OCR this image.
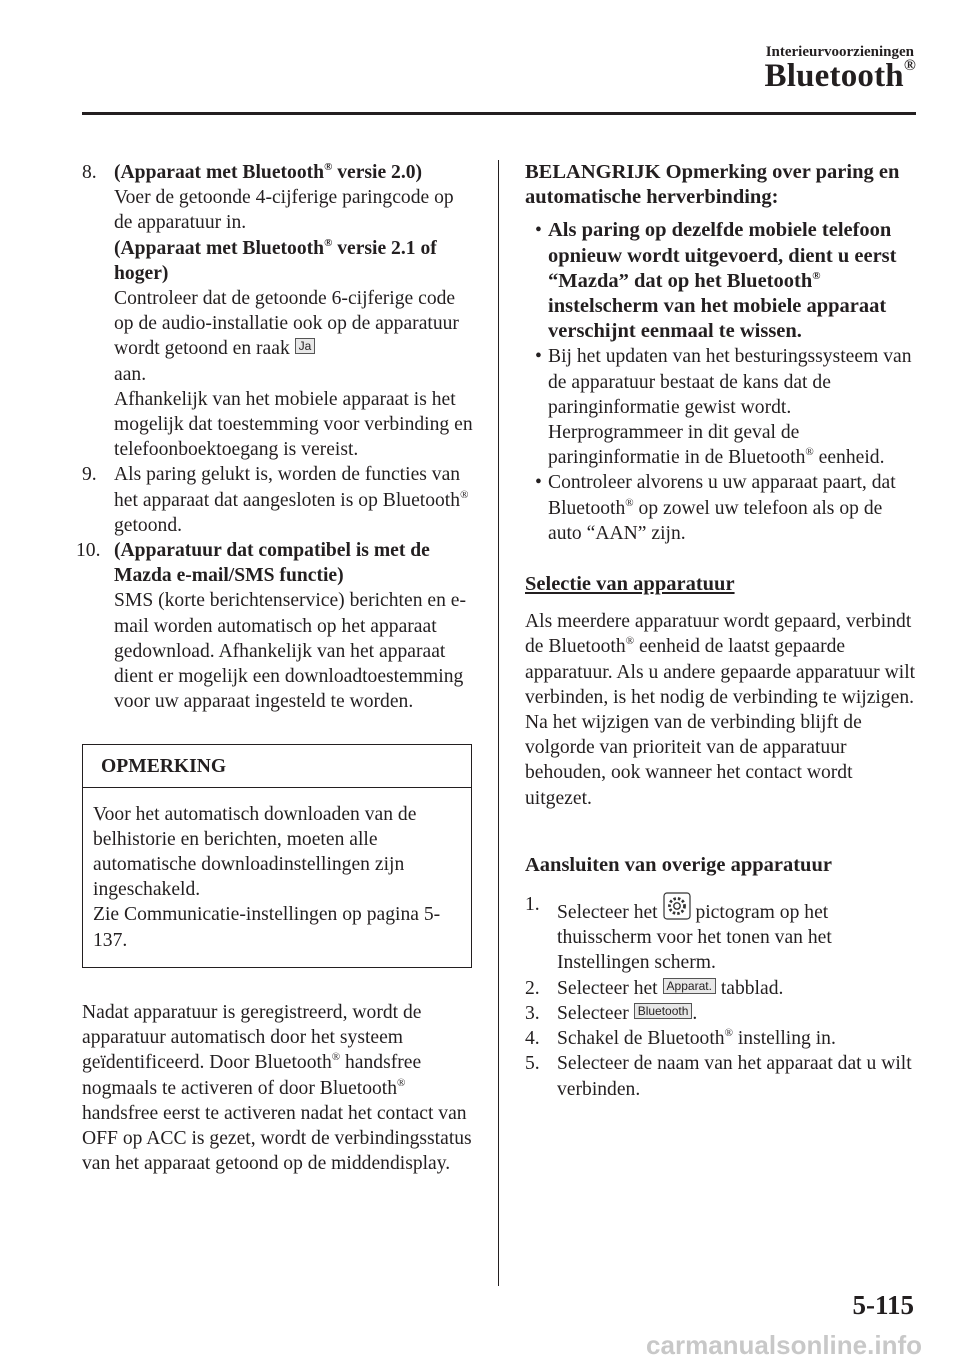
Interieurvoorzieningen
Bluetooth®
8. (Apparaat met Bluetooth® versie 2.0)

Voer de getoonde 4-cijferige paringcode op de apparatuur in.

(Apparaat met Bluetooth® versie 2.1 of hoger)

Controleer dat de getoonde 6-cijferige code op de audio-installatie ook op de apparatuur wordt getoond en raak Ja

aan.

Afhankelijk van het mobiele apparaat is het mogelijk dat toestemming voor verbinding en telefoonboektoegang is vereist.

9. Als paring gelukt is, worden de functies van het apparaat dat aangesloten is op Bluetooth® getoond.

10. (Apparatuur dat compatibel is met de Mazda e-mail/SMS functie)

SMS (korte berichtenservice) berichten en e-mail worden automatisch op het apparaat gedownload. Afhankelijk van het apparaat dient er mogelijk een downloadtoestemming voor uw apparaat ingesteld te worden.

OPMERKING

Voor het automatisch downloaden van de belhistorie en berichten, moeten alle automatische downloadinstellingen zijn ingeschakeld.

Zie Communicatie-instellingen op pagina 5-137.

Nadat apparatuur is geregistreerd, wordt de apparatuur automatisch door het systeem geïdentificeerd. Door Bluetooth® handsfree nogmaals te activeren of door Bluetooth® handsfree eerst te activeren nadat het contact van OFF op ACC is gezet, wordt de verbindingsstatus van het apparaat getoond op de middendisplay.

BELANGRIJK Opmerking over paring en automatische herverbinding:

• Als paring op dezelfde mobiele telefoon opnieuw wordt uitgevoerd, dient u eerst “Mazda” dat op het Bluetooth® instelscherm van het mobiele apparaat verschijnt eenmaal te wissen.

• Bij het updaten van het besturingssysteem van de apparatuur bestaat de kans dat de paringinformatie gewist wordt. Herprogrammeer in dit geval de paringinformatie in de Bluetooth® eenheid.

• Controleer alvorens u uw apparaat paart, dat Bluetooth® op zowel uw telefoon als op de auto “AAN” zijn.

Selectie van apparatuur

Als meerdere apparatuur wordt gepaard, verbindt de Bluetooth® eenheid de laatst gepaarde apparatuur. Als u andere gepaarde apparatuur wilt verbinden, is het nodig de verbinding te wijzigen. Na het wijzigen van de verbinding blijft de volgorde van prioriteit van de apparatuur behouden, ook wanneer het contact wordt uitgezet.

Aansluiten van overige apparatuur

1. Selecteer het  pictogram op het thuisscherm voor het tonen van het Instellingen scherm.

2. Selecteer het Apparat. tabblad.

3. Selecteer Bluetooth .

4. Schakel de Bluetooth® instelling in.

5. Selecteer de naam van het apparaat dat u wilt verbinden.

5-115
carmanualsonline.info
